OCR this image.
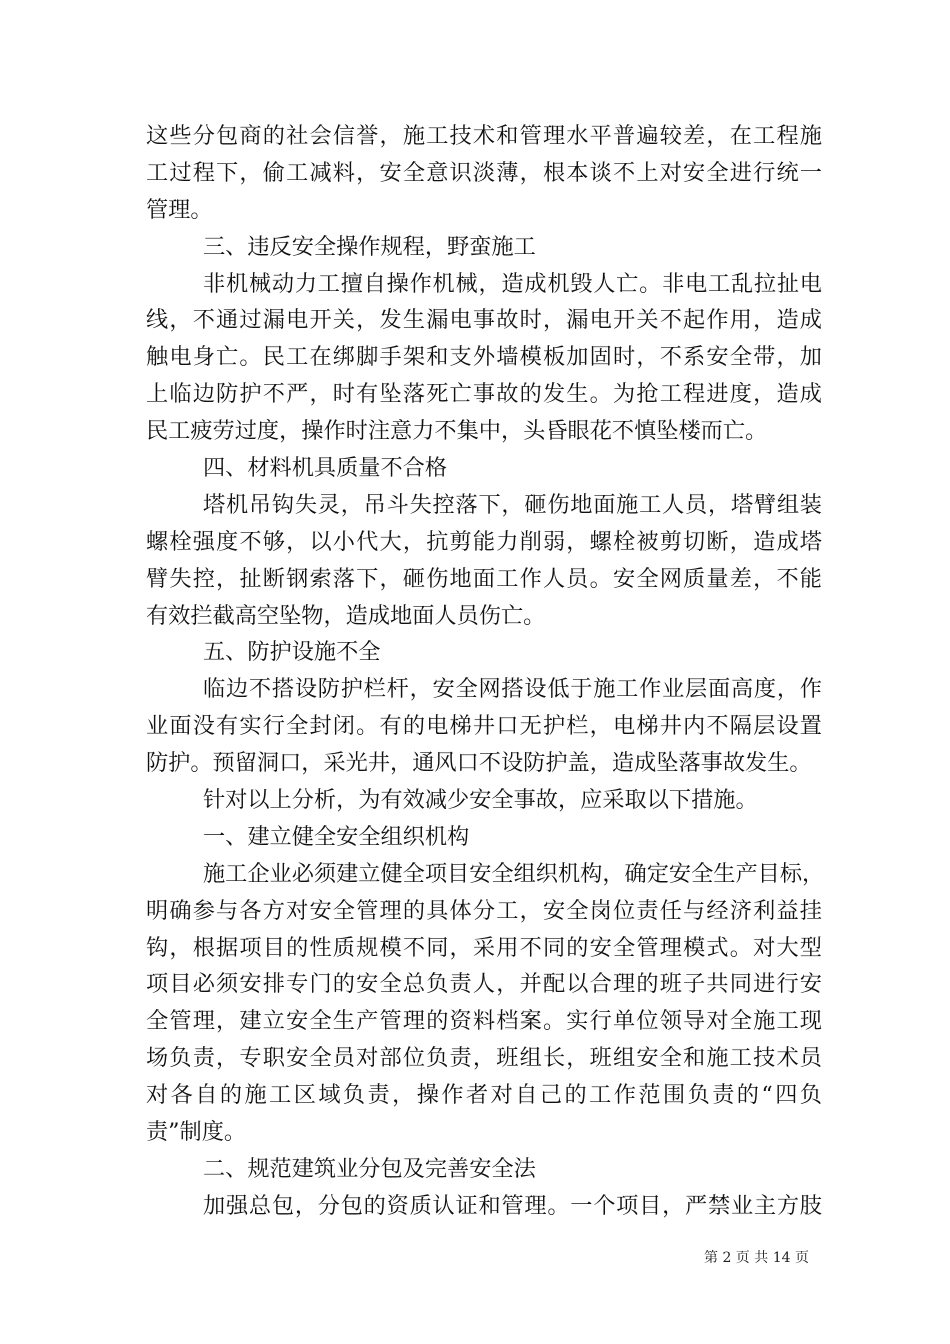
这些分包商的社会信誉，施工技术和管理水平普遍较差，在工程施
工过程下，偷工减料，安全意识淡薄，根本谈不上对安全进行统一
管理。
三、违反安全操作规程，野蛮施工
非机械动力工擅自操作机械，造成机毁人亡。非电工乱拉扯电
线，不通过漏电开关，发生漏电事故时，漏电开关不起作用，造成
触电身亡。民工在绑脚手架和支外墙模板加固时，不系安全带，加
上临边防护不严，时有坠落死亡事故的发生。为抢工程进度，造成
民工疲劳过度，操作时注意力不集中，头昏眼花不慎坠楼而亡。
四、材料机具质量不合格
塔机吊钩失灵，吊斗失控落下，砸伤地面施工人员，塔臂组装
螺栓强度不够，以小代大，抗剪能力削弱，螺栓被剪切断，造成塔
臂失控，扯断钢索落下，砸伤地面工作人员。安全网质量差，不能
有效拦截高空坠物，造成地面人员伤亡。
五、防护设施不全
临边不搭设防护栏杆，安全网搭设低于施工作业层面高度，作
业面没有实行全封闭。有的电梯井口无护栏，电梯井内不隔层设置
防护。预留洞口，采光井，通风口不设防护盖，造成坠落事故发生。
针对以上分析，为有效减少安全事故，应采取以下措施。
一、建立健全安全组织机构
施工企业必须建立健全项目安全组织机构，确定安全生产目标，
明确参与各方对安全管理的具体分工，安全岗位责任与经济利益挂
钩，根据项目的性质规模不同，采用不同的安全管理模式。对大型
项目必须安排专门的安全总负责人，并配以合理的班子共同进行安
全管理，建立安全生产管理的资料档案。实行单位领导对全施工现
场负责，专职安全员对部位负责，班组长，班组安全和施工技术员
对各自的施工区域负责，操作者对自己的工作范围负责的“四负
责”制度。
二、规范建筑业分包及完善安全法
加强总包，分包的资质认证和管理。一个项目，严禁业主方肢
第 2 页 共 14 页
